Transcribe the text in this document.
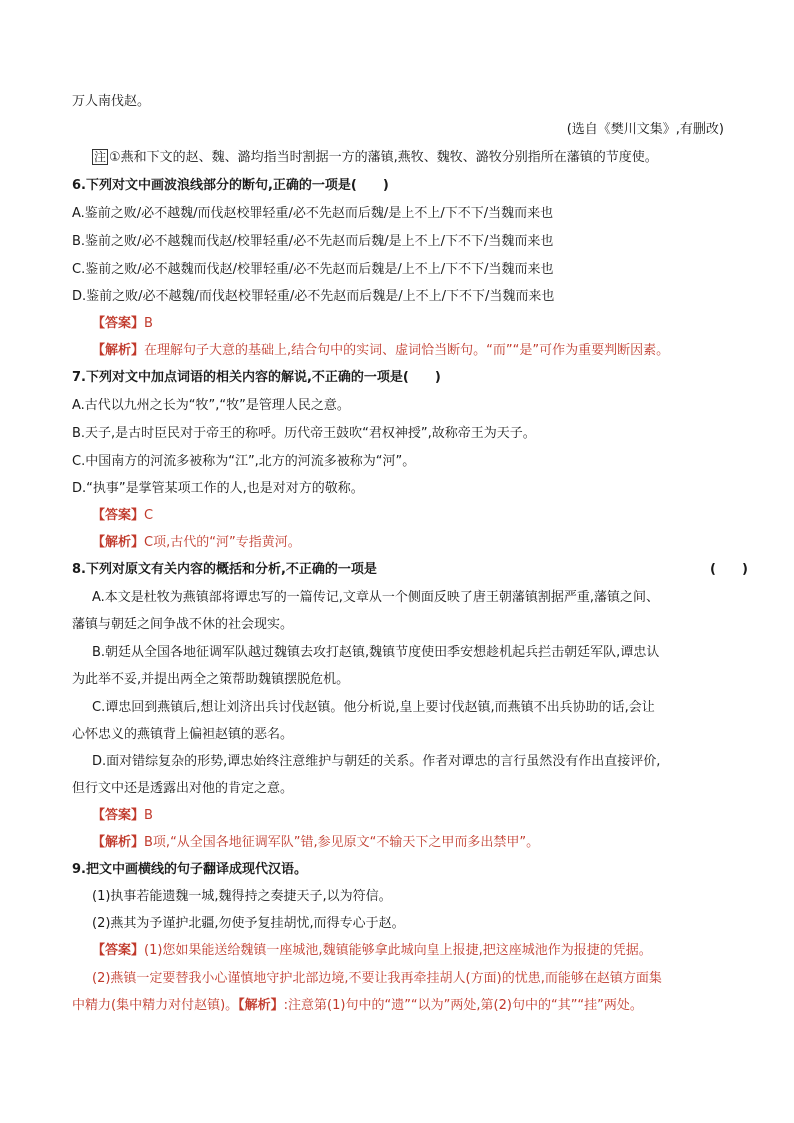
万人南伐赵。
(选自《樊川文集》,有删改)
注 ①燕和下文的赵、魏、潞均指当时割据一方的藩镇,燕牧、魏牧、潞牧分别指所在藩镇的节度使。
6.下列对文中画波浪线部分的断句,正确的一项是(　　)
A.鉴前之败/必不越魏/而伐赵校罪轻重/必不先赵而后魏/是上不上/下不下/当魏而来也
B.鉴前之败/必不越魏而伐赵/校罪轻重/必不先赵而后魏/是上不上/下不下/当魏而来也
C.鉴前之败/必不越魏而伐赵/校罪轻重/必不先赵而后魏是/上不上/下不下/当魏而来也
D.鉴前之败/必不越魏/而伐赵校罪轻重/必不先赵而后魏是/上不上/下不下/当魏而来也
【答案】B
【解析】在理解句子大意的基础上,结合句中的实词、虚词恰当断句。“而”“是”可作为重要判断因素。
7.下列对文中加点词语的相关内容的解说,不正确的一项是(　　)
A.古代以九州之长为“牧”,“牧”是管理人民之意。
B.天子,是古时臣民对于帝王的称呼。历代帝王鼓吹“君权神授”,故称帝王为天子。
C.中国南方的河流多被称为“江”,北方的河流多被称为“河”。
D.“执事”是掌管某项工作的人,也是对对方的敬称。
【答案】C
【解析】C项,古代的“河”专指黄河。
8.下列对原文有关内容的概括和分析,不正确的一项是	(　　)
A.本文是杜牧为燕镇部将谭忠写的一篇传记,文章从一个侧面反映了唐王朝藩镇割据严重,藩镇之间、
藩镇与朝廷之间争战不休的社会现实。
B.朝廷从全国各地征调军队越过魏镇去攻打赵镇,魏镇节度使田季安想趁机起兵拦击朝廷军队,谭忠认
为此举不妥,并提出两全之策帮助魏镇摆脱危机。
C.谭忠回到燕镇后,想让刘济出兵讨伐赵镇。他分析说,皇上要讨伐赵镇,而燕镇不出兵协助的话,会让
心怀忠义的燕镇背上偏袒赵镇的恶名。
D.面对错综复杂的形势,谭忠始终注意维护与朝廷的关系。作者对谭忠的言行虽然没有作出直接评价,
但行文中还是透露出对他的肯定之意。
【答案】B
【解析】B项,“从全国各地征调军队”错,参见原文“不输天下之甲而多出禁甲”。
9.把文中画横线的句子翻译成现代汉语。
(1)执事若能遗魏一城,魏得持之奏捷天子,以为符信。
(2)燕其为予谨护北疆,勿使予复挂胡忧,而得专心于赵。
【答案】(1)您如果能送给魏镇一座城池,魏镇能够拿此城向皇上报捷,把这座城池作为报捷的凭据。
(2)燕镇一定要替我小心谨慎地守护北部边境,不要让我再牵挂胡人(方面)的忧患,而能够在赵镇方面集
中精力(集中精力对付赵镇)。【解析】:注意第(1)句中的“遗”“以为”两处,第(2)句中的“其”“挂”两处。
